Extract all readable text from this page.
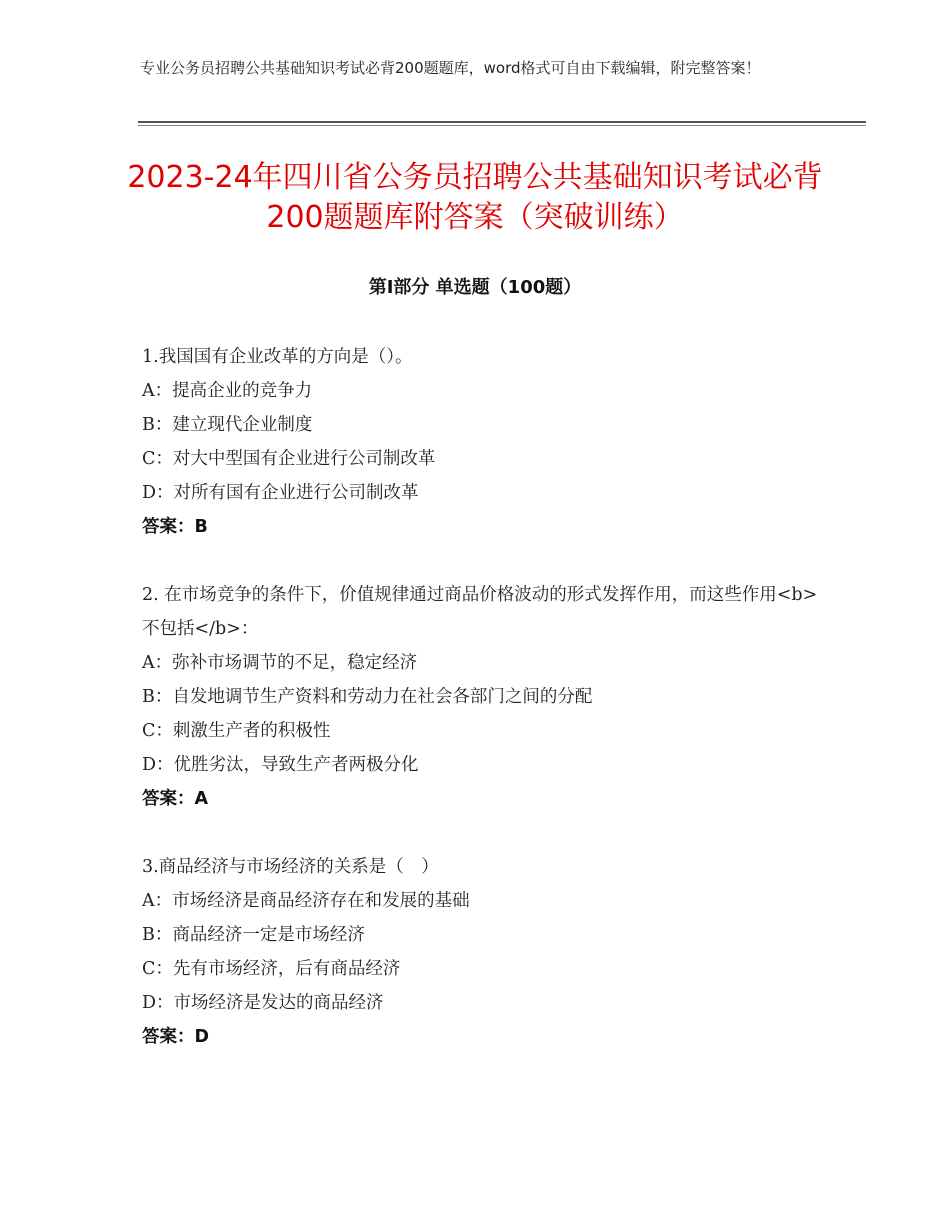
专业公务员招聘公共基础知识考试必背200题题库，word格式可自由下载编辑，附完整答案！
2023-24年四川省公务员招聘公共基础知识考试必背200题题库附答案（突破训练）
第I部分 单选题（100题）

1.我国国有企业改革的方向是（）。

A：提高企业的竞争力

B：建立现代企业制度

C：对大中型国有企业进行公司制改革

D：对所有国有企业进行公司制改革

答案：B

2. 在市场竞争的条件下，价值规律通过商品价格波动的形式发挥作用，而这些作用<b>不包括</b>：

A：弥补市场调节的不足，稳定经济

B：自发地调节生产资料和劳动力在社会各部门之间的分配

C：刺激生产者的积极性

D：优胜劣汰，导致生产者两极分化

答案：A

3.商品经济与市场经济的关系是（　）

A：市场经济是商品经济存在和发展的基础

B：商品经济一定是市场经济

C：先有市场经济，后有商品经济

D：市场经济是发达的商品经济

答案：D
